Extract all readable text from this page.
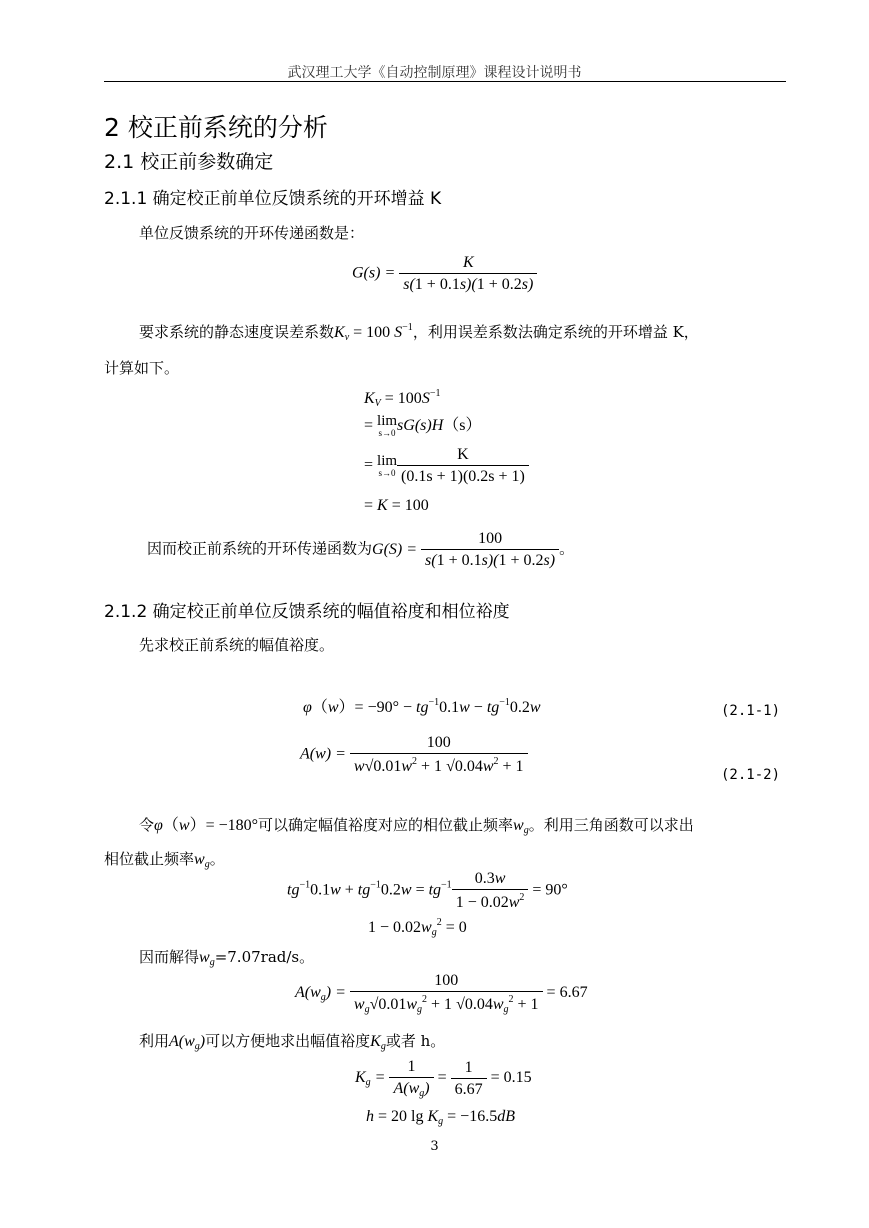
武汉理工大学《自动控制原理》课程设计说明书
2 校正前系统的分析
2.1 校正前参数确定
2.1.1 确定校正前单位反馈系统的开环增益 K
单位反馈系统的开环传递函数是：
$G(s) = \frac{K}{s(1 + 0.1s)(1 + 0.2s)}$
要求系统的静态速度误差系数$K_v = 100$ $S^{-1}$，利用误差系数法确定系统的开环增益 K，
计算如下。
$K_V = 100S^{-1}$
= lim
s→0 sG(s)H（s）
= lim
$s\to 0 \frac{K}{(0.1s + 1)(0.2s + 1)}$
= K = 100
因而校正前系统的开环传递函数为$G(S) = \frac{100}{s(1 + 0.1s)(1 + 0.2s)}$ 。
2.1.2 确定校正前单位反馈系统的幅值裕度和相位裕度
先求校正前系统的幅值裕度。
$\varphi(w)= -90^\circ - tg^{-1}0.1w - tg^{-1}0.2w$	(2.1-1)
$A(w) = \frac{100}{w√0.01w^2 + 1 √0.04w^2 + 1}$	(2.1-2)
令φ（w）= −180°可以确定幅值裕度对应的相位截止频率$w_g$。利用三角函数可以求出
相位截止频率$w_g$。
$tg^{-1}0.1w + tg^{-1}0.2w = tg^{-1} \frac{0.3w}{1 - 0.02w^2} = 90^\circ$
$1 - 0.02w_g^2 = 0$
因而解得$w_g=7.07rad/s$。
$A(w_g) = \frac{100}{w_g√0.01w_g^2 + 1 √0.04w_g^2 + 1} = 6.67$
利用$A(w_g)$可以方便地求出幅值裕度$K_g$或者 h。
$K_g = \frac{1}{A(w_g)} = \frac{1}{6.67} = 0.15$
h = 20 $\lg K_g = -16.5dB$
3
